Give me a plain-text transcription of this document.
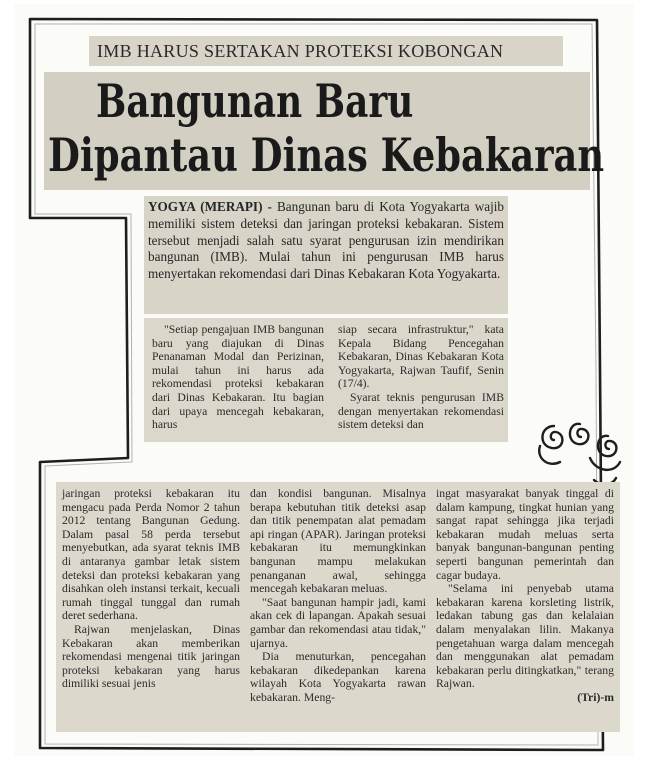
IMB HARUS SERTAKAN PROTEKSI KOBONGAN
Bangunan Baru
Dipantau Dinas Kebakaran

YOGYA (MERAPI) - Bangunan baru di Kota Yogyakarta wajib memiliki sistem deteksi dan jaringan proteksi kebakaran. Sistem tersebut menjadi salah satu syarat pengurusan izin mendirikan bangunan (IMB). Mulai tahun ini pengurusan IMB harus menyertakan rekomendasi dari Dinas Kebakaran Kota Yogyakarta.

"Setiap pengajuan IMB bangunan baru yang diajukan di Dinas Penanaman Modal dan Perizinan, mulai tahun ini harus ada rekomendasi proteksi kebakaran dari Dinas Kebakaran. Itu bagian dari upaya mencegah kebakaran, harus

siap secara infrastruktur," kata Kepala Bidang Pencegahan Kebakaran, Dinas Kebakaran Kota Yogyakarta, Rajwan Taufif, Senin (17/4).

Syarat teknis pengurusan IMB dengan menyertakan rekomendasi sistem deteksi dan

jaringan proteksi kebakaran itu mengacu pada Perda Nomor 2 tahun 2012 tentang Bangunan Gedung. Dalam pasal 58 perda tersebut menyebutkan, ada syarat teknis IMB di antaranya gambar letak sistem deteksi dan proteksi kebakaran yang disahkan oleh instansi terkait, kecuali rumah tinggal tunggal dan rumah deret sederhana.

Rajwan menjelaskan, Dinas Kebakaran akan memberikan rekomendasi mengenai titik jaringan proteksi kebakaran yang harus dimiliki sesuai jenis

dan kondisi bangunan. Misalnya berapa kebutuhan titik deteksi asap dan titik penempatan alat pemadam api ringan (APAR). Jaringan proteksi kebakaran itu memungkinkan bangunan mampu melakukan penanganan awal, sehingga mencegah kebakaran meluas.

"Saat bangunan hampir jadi, kami akan cek di lapangan. Apakah sesuai gambar dan rekomendasi atau tidak," ujarnya.

Dia menuturkan, pencegahan kebakaran dikedepankan karena wilayah Kota Yogyakarta rawan kebakaran. Meng-

ingat masyarakat banyak tinggal di dalam kampung, tingkat hunian yang sangat rapat sehingga jika terjadi kebakaran mudah meluas serta banyak bangunan-bangunan penting seperti bangunan pemerintah dan cagar budaya.

"Selama ini penyebab utama kebakaran karena korsleting listrik, ledakan tabung gas dan kelalaian dalam menyalakan lilin. Makanya pengetahuan warga dalam mencegah dan menggunakan alat pemadam kebakaran perlu ditingkatkan," terang Rajwan.

(Tri)-m
